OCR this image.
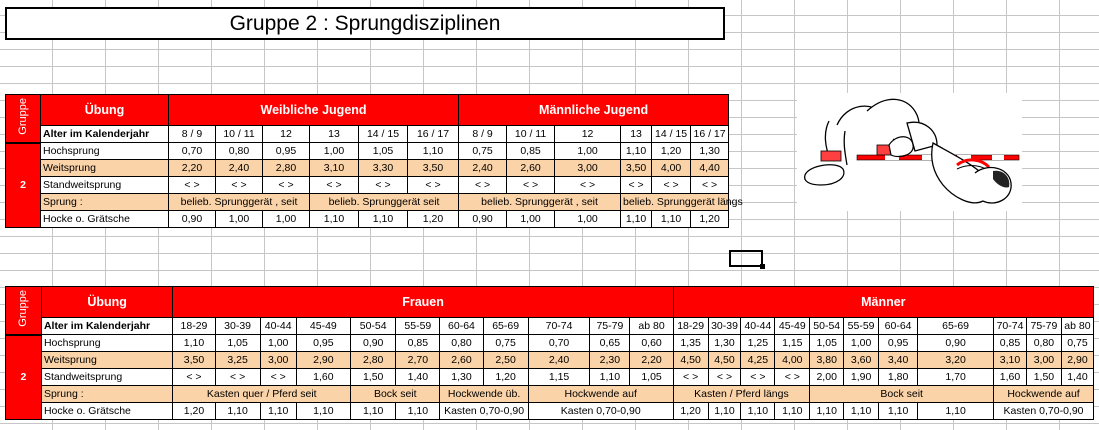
Gruppe 2 : Sprungdisziplinen
Gruppe	Übung	Weibliche Jugend						Männliche Jugend					
	Alter im Kalenderjahr	8 / 9	10 / 11	12	13	14 / 15	16 / 17	8 / 9	10 / 11	12	13	14 / 15	16 / 17
2	Hochsprung	0,70	0,80	0,95	1,00	1,05	1,10	0,75	0,85	1,00	1,10	1,20	1,30
	Weitsprung	2,20	2,40	2,80	3,10	3,30	3,50	2,40	2,60	3,00	3,50	4,00	4,40
	Standweitsprung	< >	< >	< >	< >	< >	< >	< >	< >	< >	< >	< >	< >
	Sprung :	belieb. Sprunggerät , seit			belieb. Sprunggerät seit			belieb. Sprunggerät , seit			belieb. Sprunggerät längs		
	Hocke o. Grätsche	0,90	1,00	1,00	1,10	1,10	1,20	0,90	1,00	1,00	1,10	1,10	1,20
Gruppe	Übung	Frauen											Männer										
	Alter im Kalenderjahr	18-29	30-39	40-44	45-49	50-54	55-59	60-64	65-69	70-74	75-79	ab 80	18-29	30-39	40-44	45-49	50-54	55-59	60-64	65-69	70-74	75-79	ab 80
2	Hochsprung	1,10	1,05	1,00	0,95	0,90	0,85	0,80	0,75	0,70	0,65	0,60	1,35	1,30	1,25	1,15	1,05	1,00	0,95	0,90	0,85	0,80	0,75
	Weitsprung	3,50	3,25	3,00	2,90	2,80	2,70	2,60	2,50	2,40	2,30	2,20	4,50	4,50	4,25	4,00	3,80	3,60	3,40	3,20	3,10	3,00	2,90
	Standweitsprung	< >	< >	< >	1,60	1,50	1,40	1,30	1,20	1,15	1,10	1,05	< >	< >	< >	< >	2,00	1,90	1,80	1,70	1,60	1,50	1,40
	Sprung :	Kasten quer / Pferd seit				Bock seit		Hockwende üb.		Hockwende auf			Kasten / Pferd längs				Bock seit				Hockwende auf		
	Hocke o. Grätsche	1,20	1,10	1,10	1,10	1,10	1,10	Kasten 0,70-0,90		Kasten 0,70-0,90			1,20	1,10	1,10	1,10	1,10	1,10	1,10	1,10	Kasten 0,70-0,90		
